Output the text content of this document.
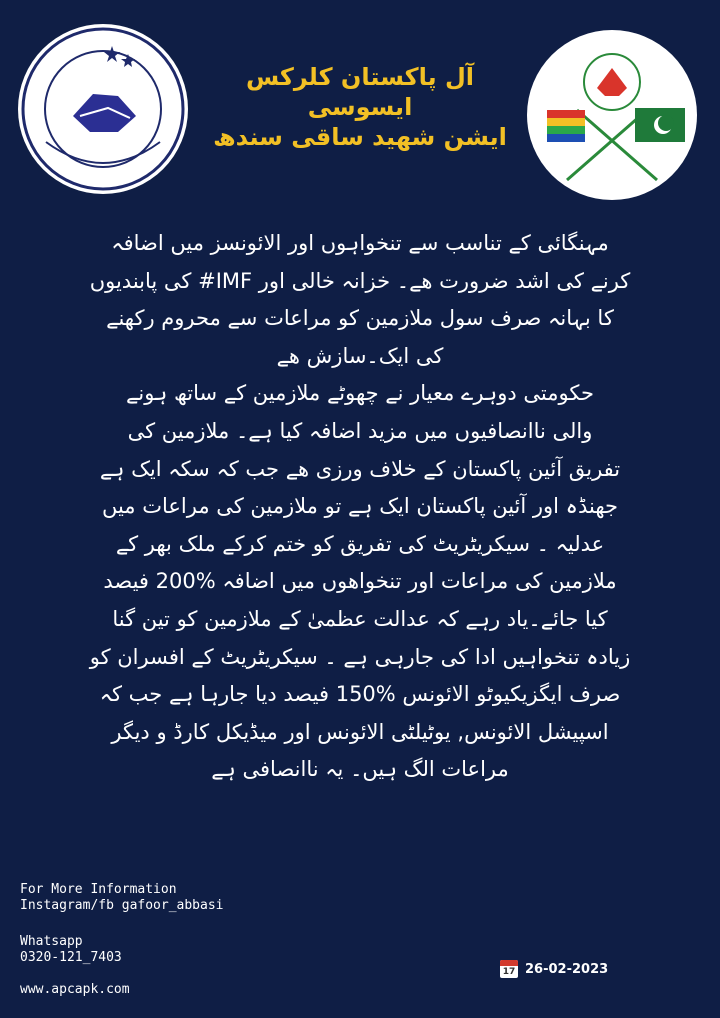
آل پاکستان کلرکس ایسوسی
ایشن شھید ساقی سندھ
مہنگائی کے تناسب سے تنخواہوں اور الائونسز میں اضافہ
کرنے کی اشد ضرورت ھے۔ خزانہ خالی اور IMF# کی پابندیوں
کا بہانہ صرف سول ملازمین کو مراعات سے محروم رکھنے
کی ایک۔سازش ھے
حکومتی دوہرے معیار نے چھوٹے ملازمین کے ساتھ ہونے
والی ناانصافیوں میں مزید اضافہ کیا ہے۔ ملازمین کی
تفریق آئین پاکستان کے خلاف ورزی ھے جب کہ سکہ ایک ہے
جھنڈہ اور آئین پاکستان ایک ہے تو ملازمین کی مراعات میں
عدلیہ ۔ سیکریٹریٹ کی تفریق کو ختم کرکے ملک بھر کے
ملازمین کی مراعات اور تنخواھوں میں اضافہ %200 فیصد
کیا جائے۔یاد رہے کہ عدالت عظمیٰ کے ملازمین کو تین گنا
زیادہ تنخواہیں ادا کی جارہی ہے ۔ سیکریٹریٹ کے افسران کو
صرف ایگزیکیوٹو الائونس %150 فیصد دیا جارہا ہے جب کہ
اسپیشل الائونس, یوٹیلٹی الائونس اور میڈیکل کارڈ و دیگر
مراعات الگ ہیں۔ یہ ناانصافی ہے
For More Information
Instagram/fb gafoor_abbasi
Whatsapp
0320-121_7403
www.apcapk.com
17 26-02-2023
